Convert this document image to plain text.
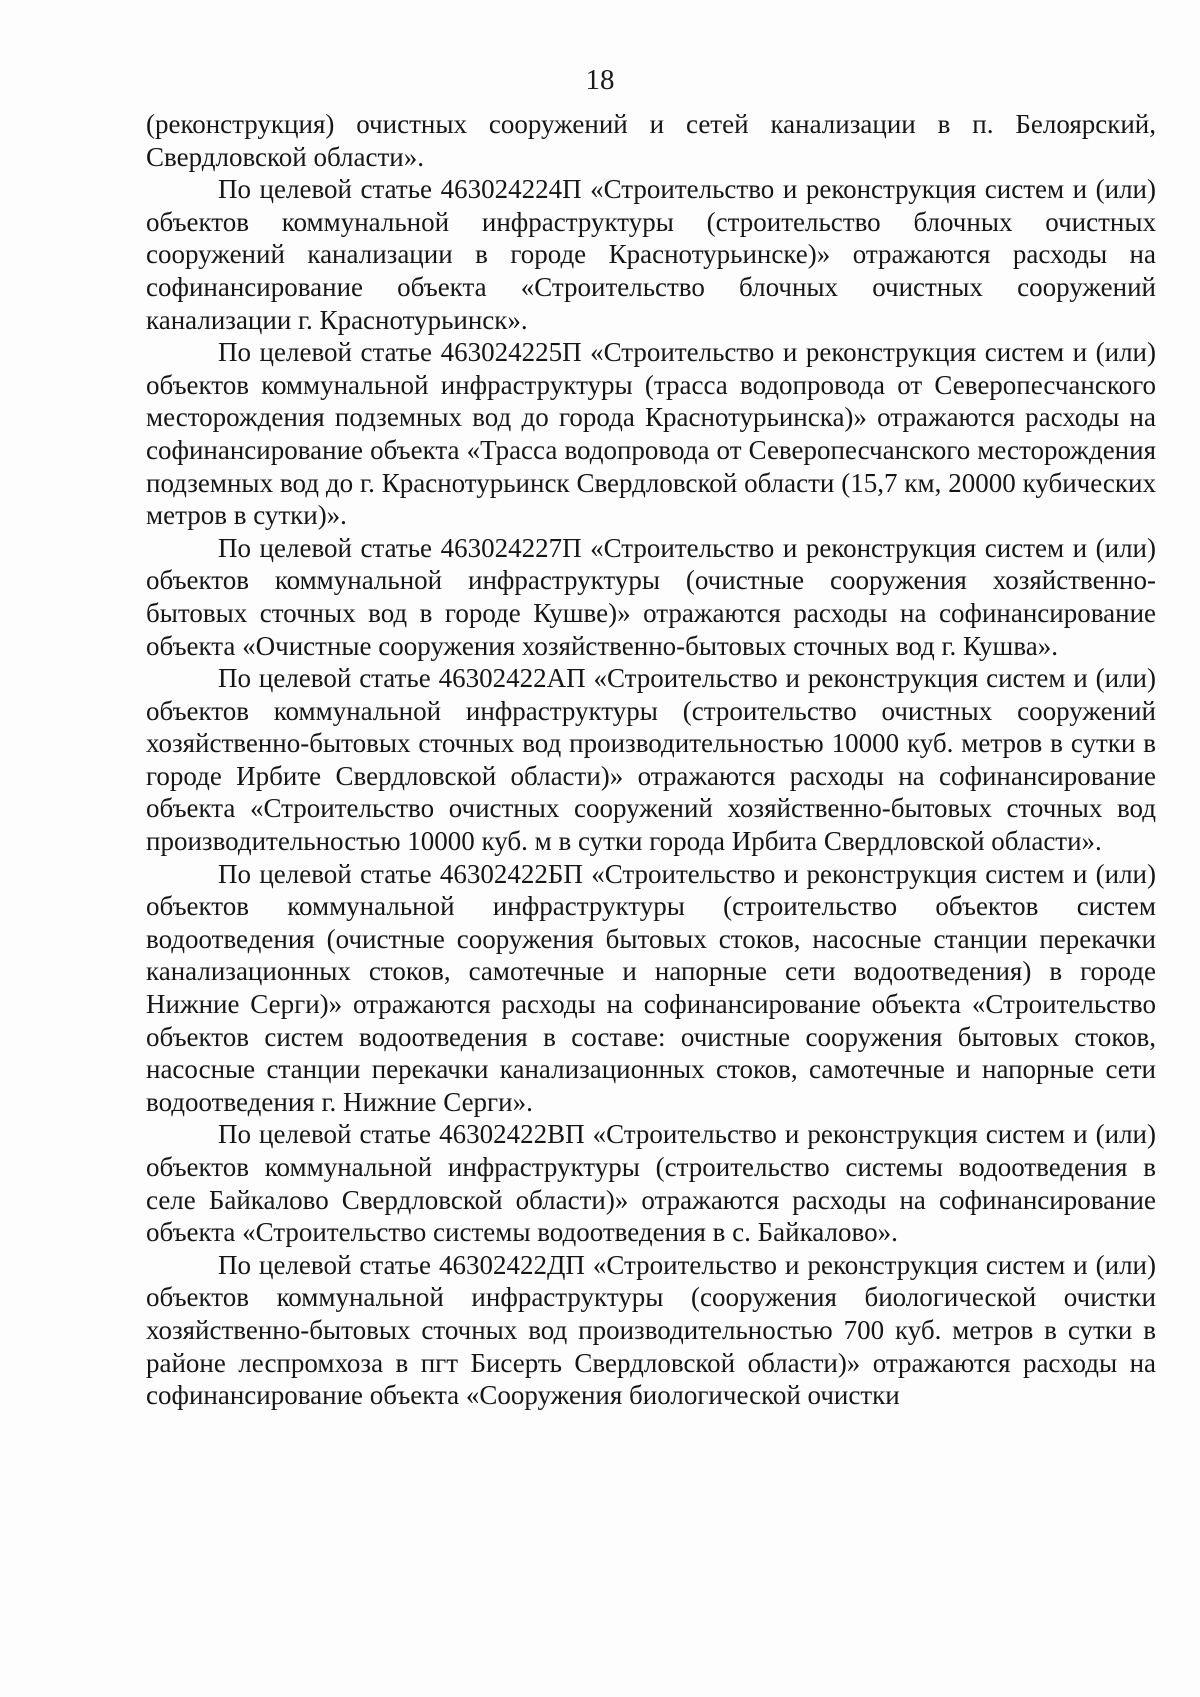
18

(реконструкция) очистных сооружений и сетей канализации в п. Белоярский, Свердловской области».

По целевой статье 463024224П «Строительство и реконструкция систем и (или) объектов коммунальной инфраструктуры (строительство блочных очистных сооружений канализации в городе Краснотурьинске)» отражаются расходы на софинансирование объекта «Строительство блочных очистных сооружений канализации г. Краснотурьинск».

По целевой статье 463024225П «Строительство и реконструкция систем и (или) объектов коммунальной инфраструктуры (трасса водопровода от Северопесчанского месторождения подземных вод до города Краснотурьинска)» отражаются расходы на софинансирование объекта «Трасса водопровода от Северопесчанского месторождения подземных вод до г. Краснотурьинск Свердловской области (15,7 км, 20000 кубических метров в сутки)».

По целевой статье 463024227П «Строительство и реконструкция систем и (или) объектов коммунальной инфраструктуры (очистные сооружения хозяйственно-бытовых сточных вод в городе Кушве)» отражаются расходы на софинансирование объекта «Очистные сооружения хозяйственно-бытовых сточных вод г. Кушва».

По целевой статье 46302422АП «Строительство и реконструкция систем и (или) объектов коммунальной инфраструктуры (строительство очистных сооружений хозяйственно-бытовых сточных вод производительностью 10000 куб. метров в сутки в городе Ирбите Свердловской области)» отражаются расходы на софинансирование объекта «Строительство очистных сооружений хозяйственно-бытовых сточных вод производительностью 10000 куб. м в сутки города Ирбита Свердловской области».

По целевой статье 46302422БП «Строительство и реконструкция систем и (или) объектов коммунальной инфраструктуры (строительство объектов систем водоотведения (очистные сооружения бытовых стоков, насосные станции перекачки канализационных стоков, самотечные и напорные сети водоотведения) в городе Нижние Серги)» отражаются расходы на софинансирование объекта «Строительство объектов систем водоотведения в составе: очистные сооружения бытовых стоков, насосные станции перекачки канализационных стоков, самотечные и напорные сети водоотведения г. Нижние Серги».

По целевой статье 46302422ВП «Строительство и реконструкция систем и (или) объектов коммунальной инфраструктуры (строительство системы водоотведения в селе Байкалово Свердловской области)» отражаются расходы на софинансирование объекта «Строительство системы водоотведения в с. Байкалово».

По целевой статье 46302422ДП «Строительство и реконструкция систем и (или) объектов коммунальной инфраструктуры (сооружения биологической очистки хозяйственно-бытовых сточных вод производительностью 700 куб. метров в сутки в районе леспромхоза в пгт Бисерть Свердловской области)» отражаются расходы на софинансирование объекта «Сооружения биологической очистки
